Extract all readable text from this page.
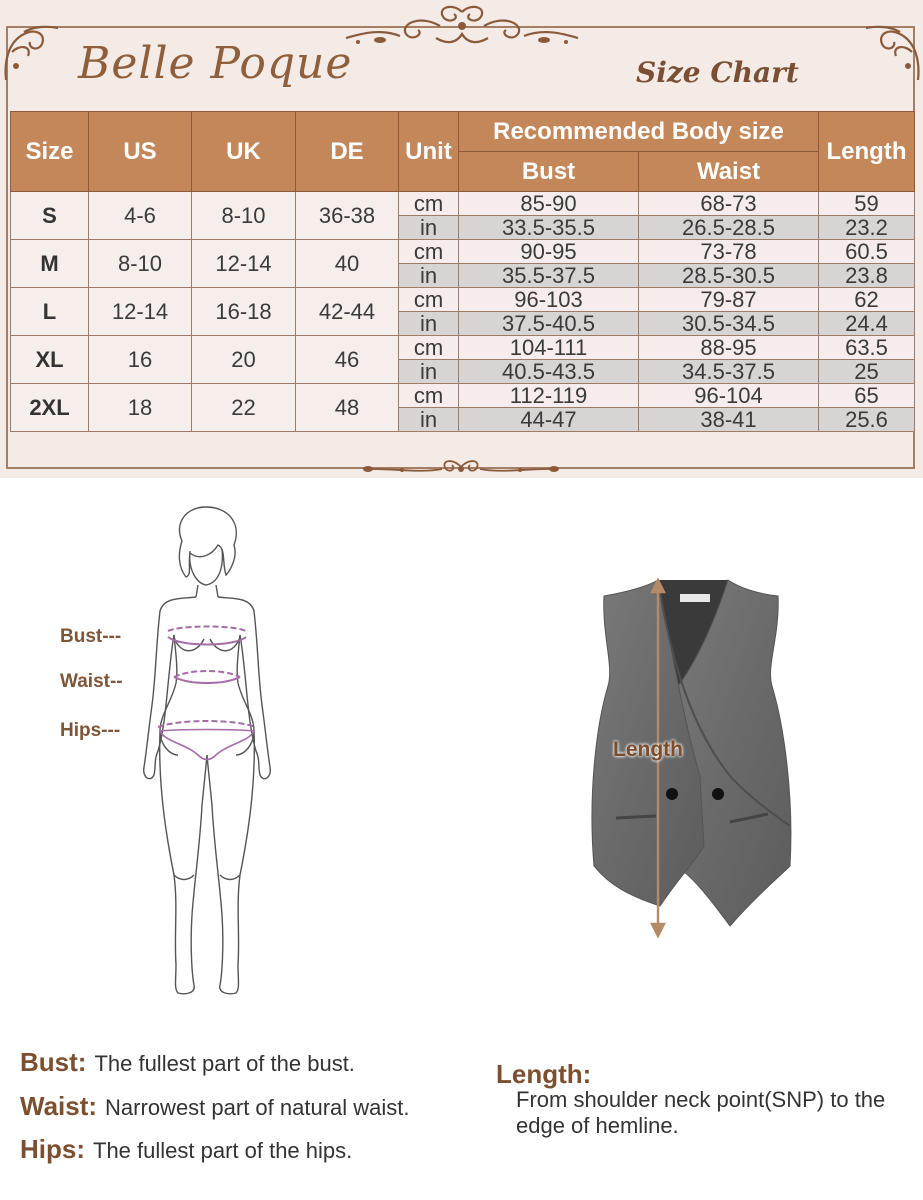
Belle Poque	Size Chart
Size	US	UK	DE	Unit	Recommended Body size		Length
					Bust	Waist	
S	4-6	8-10	36-38	cm	85-90	68-73	59
				in	33.5-35.5	26.5-28.5	23.2
M	8-10	12-14	40	cm	90-95	73-78	60.5
				in	35.5-37.5	28.5-30.5	23.8
L	12-14	16-18	42-44	cm	96-103	79-87	62
				in	37.5-40.5	30.5-34.5	24.4
XL	16	20	46	cm	104-111	88-95	63.5
				in	40.5-43.5	34.5-37.5	25
2XL	18	22	48	cm	112-119	96-104	65
				in	44-47	38-41	25.6
Bust---
Waist--
Hips---
Length
Bust: The fullest part of the bust.
Waist: Narrowest part of natural waist.
Hips: The fullest part of the hips.
Length:
From shoulder neck point(SNP) to the edge of hemline.
